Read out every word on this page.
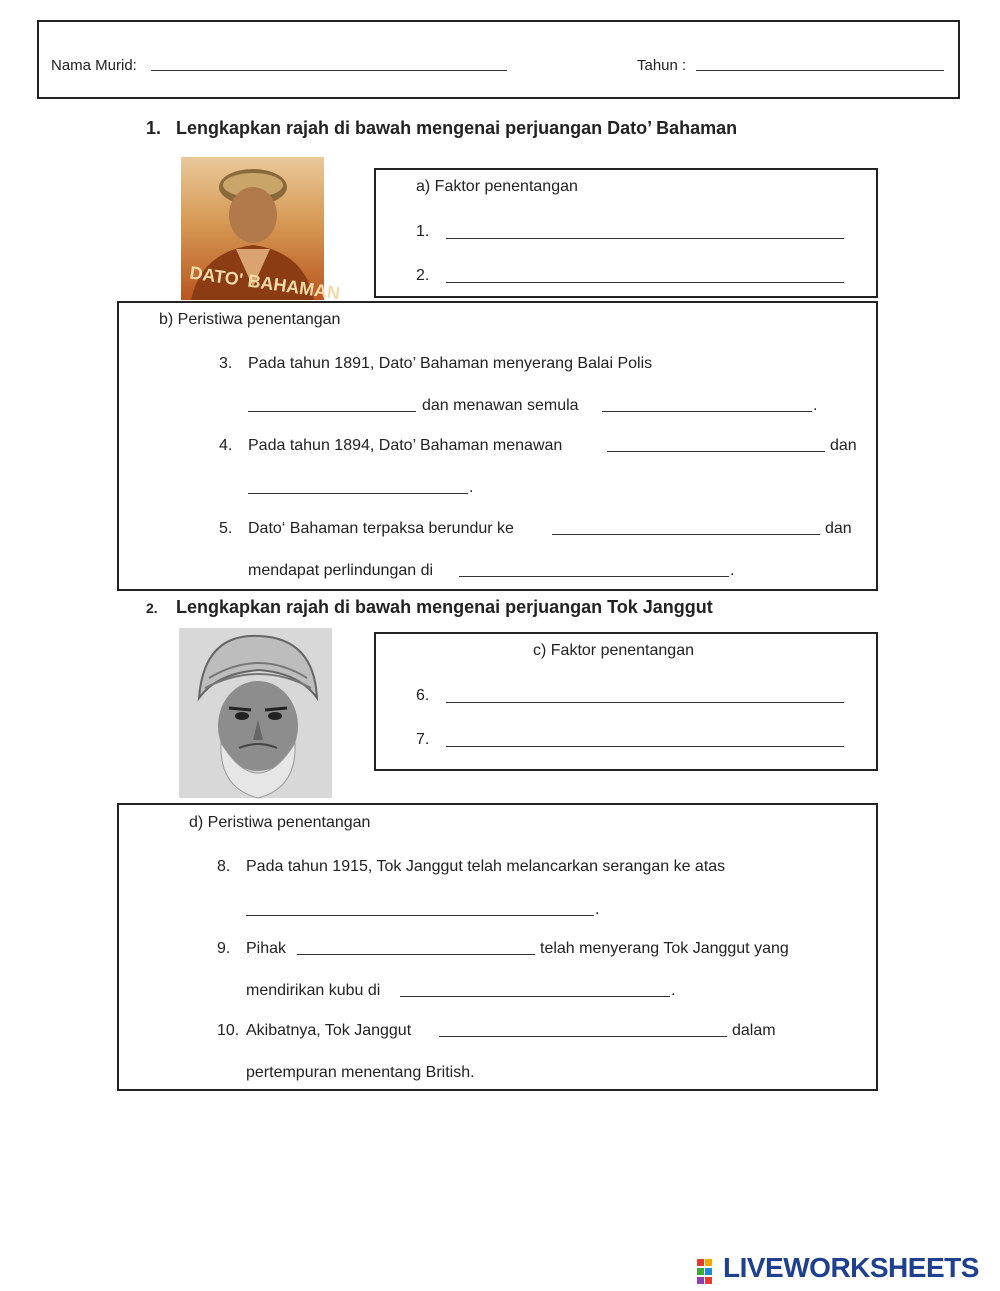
Nama Murid:	Tahun :
1. Lengkapkan rajah di bawah mengenai perjuangan Dato’ Bahaman
DATO' BAHAMAN
a) Faktor penentangan
1.
2.
b) Peristiwa penentangan
3. Pada tahun 1891, Dato’ Bahaman menyerang Balai Polis
dan menawan semula	.
4. Pada tahun 1894, Dato’ Bahaman menawan	dan
.
5. Dato‘ Bahaman terpaksa berundur ke	dan
mendapat perlindungan di	.
2. Lengkapkan rajah di bawah mengenai perjuangan Tok Janggut
c) Faktor penentangan
6.
7.
d) Peristiwa penentangan
8. Pada tahun 1915, Tok Janggut telah melancarkan serangan ke atas
.
9. Pihak	telah menyerang Tok Janggut yang
mendirikan kubu di	.
10. Akibatnya, Tok Janggut	dalam
pertempuran menentang British.
LIVEWORKSHEETS
